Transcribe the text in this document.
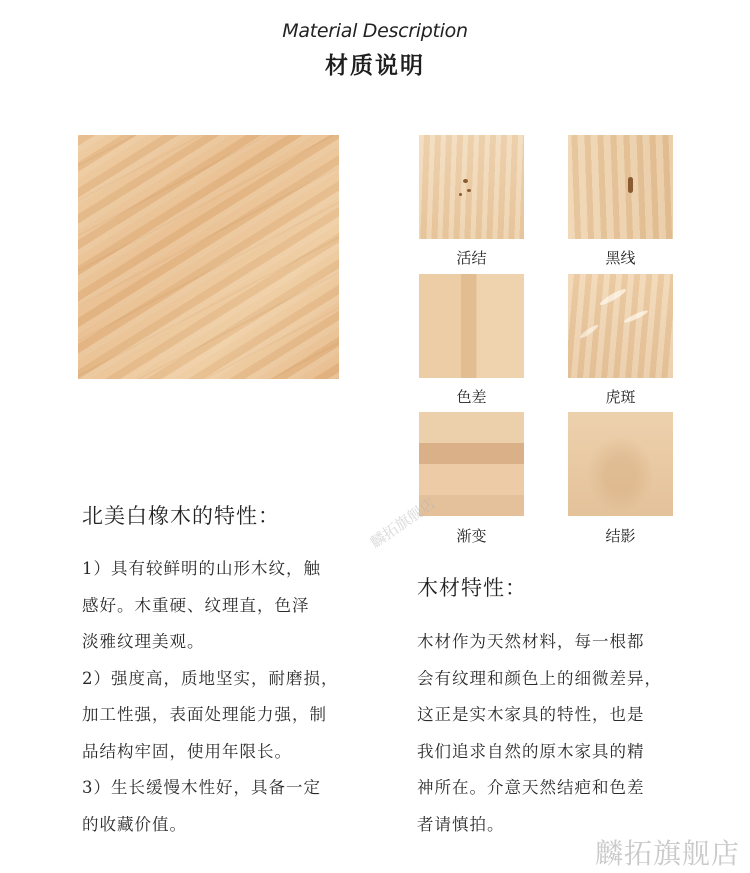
Material Description
材质说明
活结	黑线
色差	虎斑
渐变	结影
麟拓旗舰店
北美白橡木的特性：
1）具有较鲜明的山形木纹，触
感好。木重硬、纹理直，色泽
淡雅纹理美观。
2）强度高，质地坚实，耐磨损，
加工性强，表面处理能力强，制
品结构牢固，使用年限长。
3）生长缓慢木性好，具备一定
的收藏价值。
木材特性：
木材作为天然材料，每一根都
会有纹理和颜色上的细微差异，
这正是实木家具的特性，也是
我们追求自然的原木家具的精
神所在。介意天然结疤和色差
者请慎拍。
麟拓旗舰店
